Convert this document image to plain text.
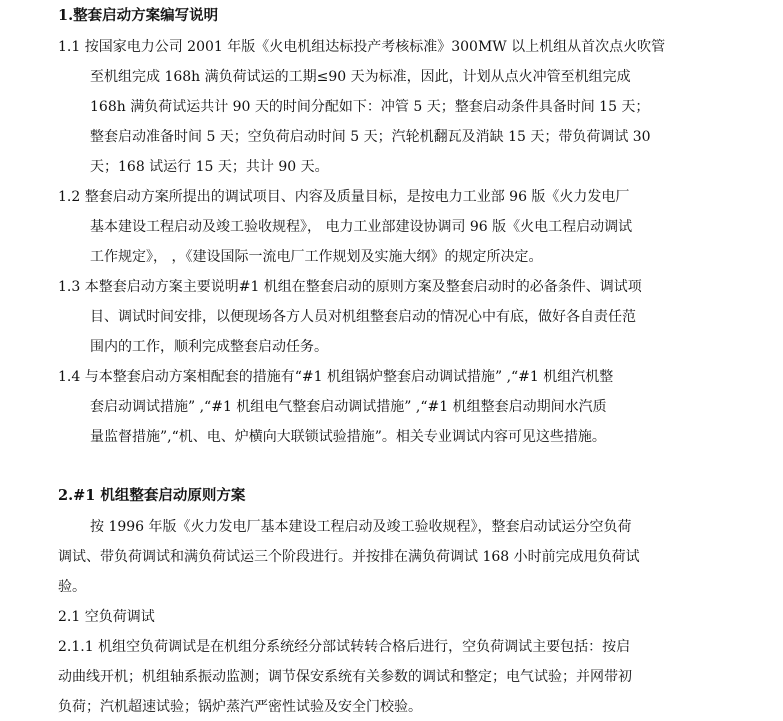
1.整套启动方案编写说明
1.1 按国家电力公司 2001 年版《火电机组达标投产考核标准》300MW 以上机组从首次点火吹管
至机组完成 168h 满负荷试运的工期≤90 天为标准，因此，计划从点火冲管至机组完成
168h 满负荷试运共计 90 天的时间分配如下：冲管 5 天；整套启动条件具备时间 15 天；
整套启动准备时间 5 天；空负荷启动时间 5 天；汽轮机翻瓦及消缺 15 天；带负荷调试 30
天；168 试运行 15 天；共计 90 天。
1.2 整套启动方案所提出的调试项目、内容及质量目标，是按电力工业部 96 版《火力发电厂
基本建设工程启动及竣工验收规程》， 电力工业部建设协调司 96 版《火电工程启动调试
工作规定》， ，《建设国际一流电厂工作规划及实施大纲》的规定所决定。
1.3 本整套启动方案主要说明#1 机组在整套启动的原则方案及整套启动时的必备条件、调试项
目、调试时间安排，以便现场各方人员对机组整套启动的情况心中有底，做好各自责任范
围内的工作，顺利完成整套启动任务。
1.4 与本整套启动方案相配套的措施有“#1 机组锅炉整套启动调试措施” ,“#1 机组汽机整
套启动调试措施” ,“#1 机组电气整套启动调试措施” ,“#1 机组整套启动期间水汽质
量监督措施”,“机、电、炉横向大联锁试验措施”。相关专业调试内容可见这些措施。
2.#1 机组整套启动原则方案
按 1996 年版《火力发电厂基本建设工程启动及竣工验收规程》，整套启动试运分空负荷
调试、带负荷调试和满负荷试运三个阶段进行。并按排在满负荷调试 168 小时前完成甩负荷试
验。
2.1 空负荷调试
2.1.1 机组空负荷调试是在机组分系统经分部试转转合格后进行，空负荷调试主要包括：按启
动曲线开机；机组轴系振动监测；调节保安系统有关参数的调试和整定；电气试验；并网带初
负荷；汽机超速试验；锅炉蒸汽严密性试验及安全门校验。
